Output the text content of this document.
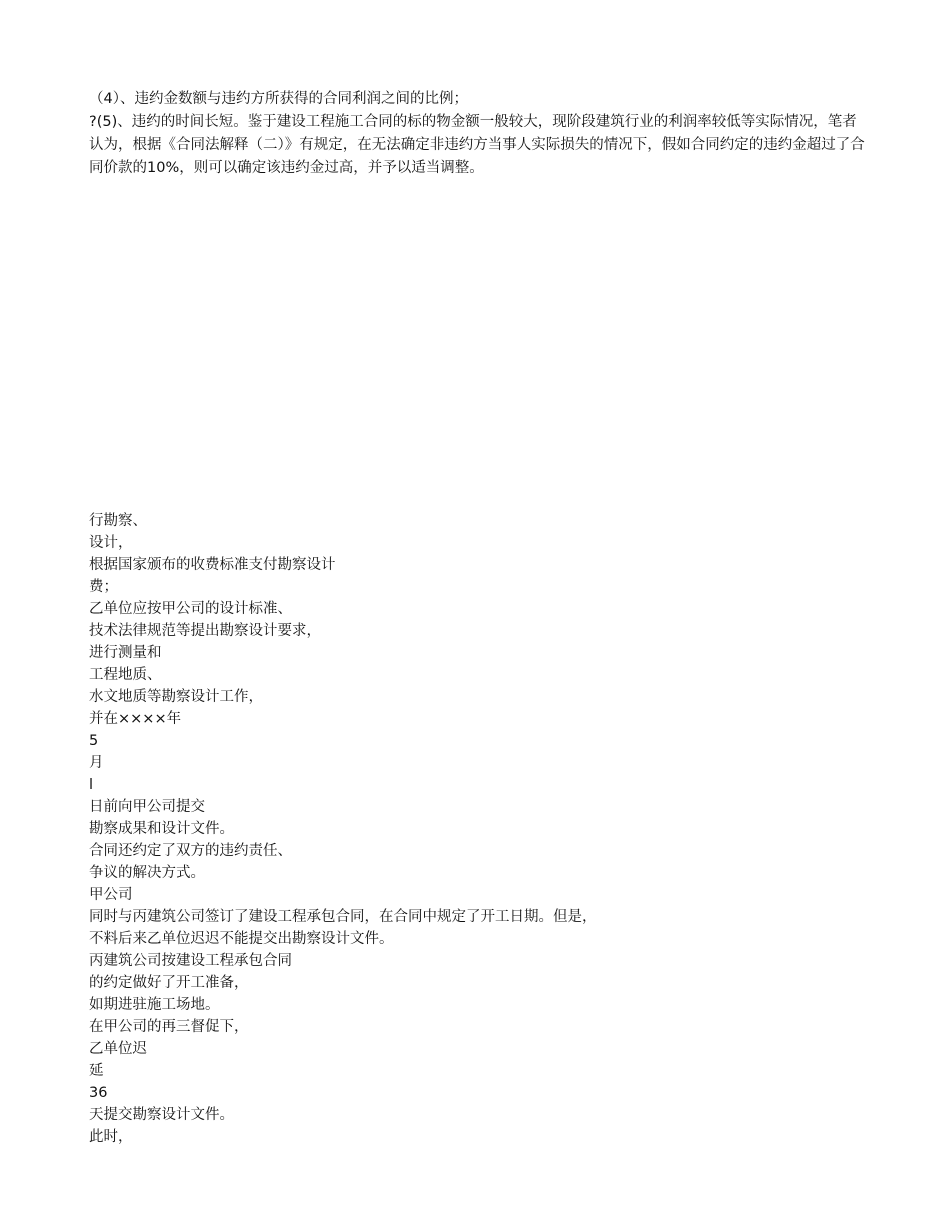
（4）、违约金数额与违约方所获得的合同利润之间的比例；

?(5)、违约的时间长短。鉴于建设工程施工合同的标的物金额一般较大，现阶段建筑行业的利润率较低等实际情况，笔者认为，根据《合同法解释（二）》有规定，在无法确定非违约方当事人实际损失的情况下，假如合同约定的违约金超过了合同价款的10%，则可以确定该违约金过高，并予以适当调整。

行勘察、
设计，
根据国家颁布的收费标准支付勘察设计
费；
乙单位应按甲公司的设计标准、
技术法律规范等提出勘察设计要求，
进行测量和
工程地质、
水文地质等勘察设计工作，
并在××××年
5
月
l
日前向甲公司提交
勘察成果和设计文件。
合同还约定了双方的违约责任、
争议的解决方式。
甲公司
同时与丙建筑公司签订了建设工程承包合同，在合同中规定了开工日期。但是，
不料后来乙单位迟迟不能提交出勘察设计文件。
丙建筑公司按建设工程承包合同
的约定做好了开工准备，
如期进驻施工场地。
在甲公司的再三督促下，
乙单位迟
延
36
天提交勘察设计文件。
此时，
